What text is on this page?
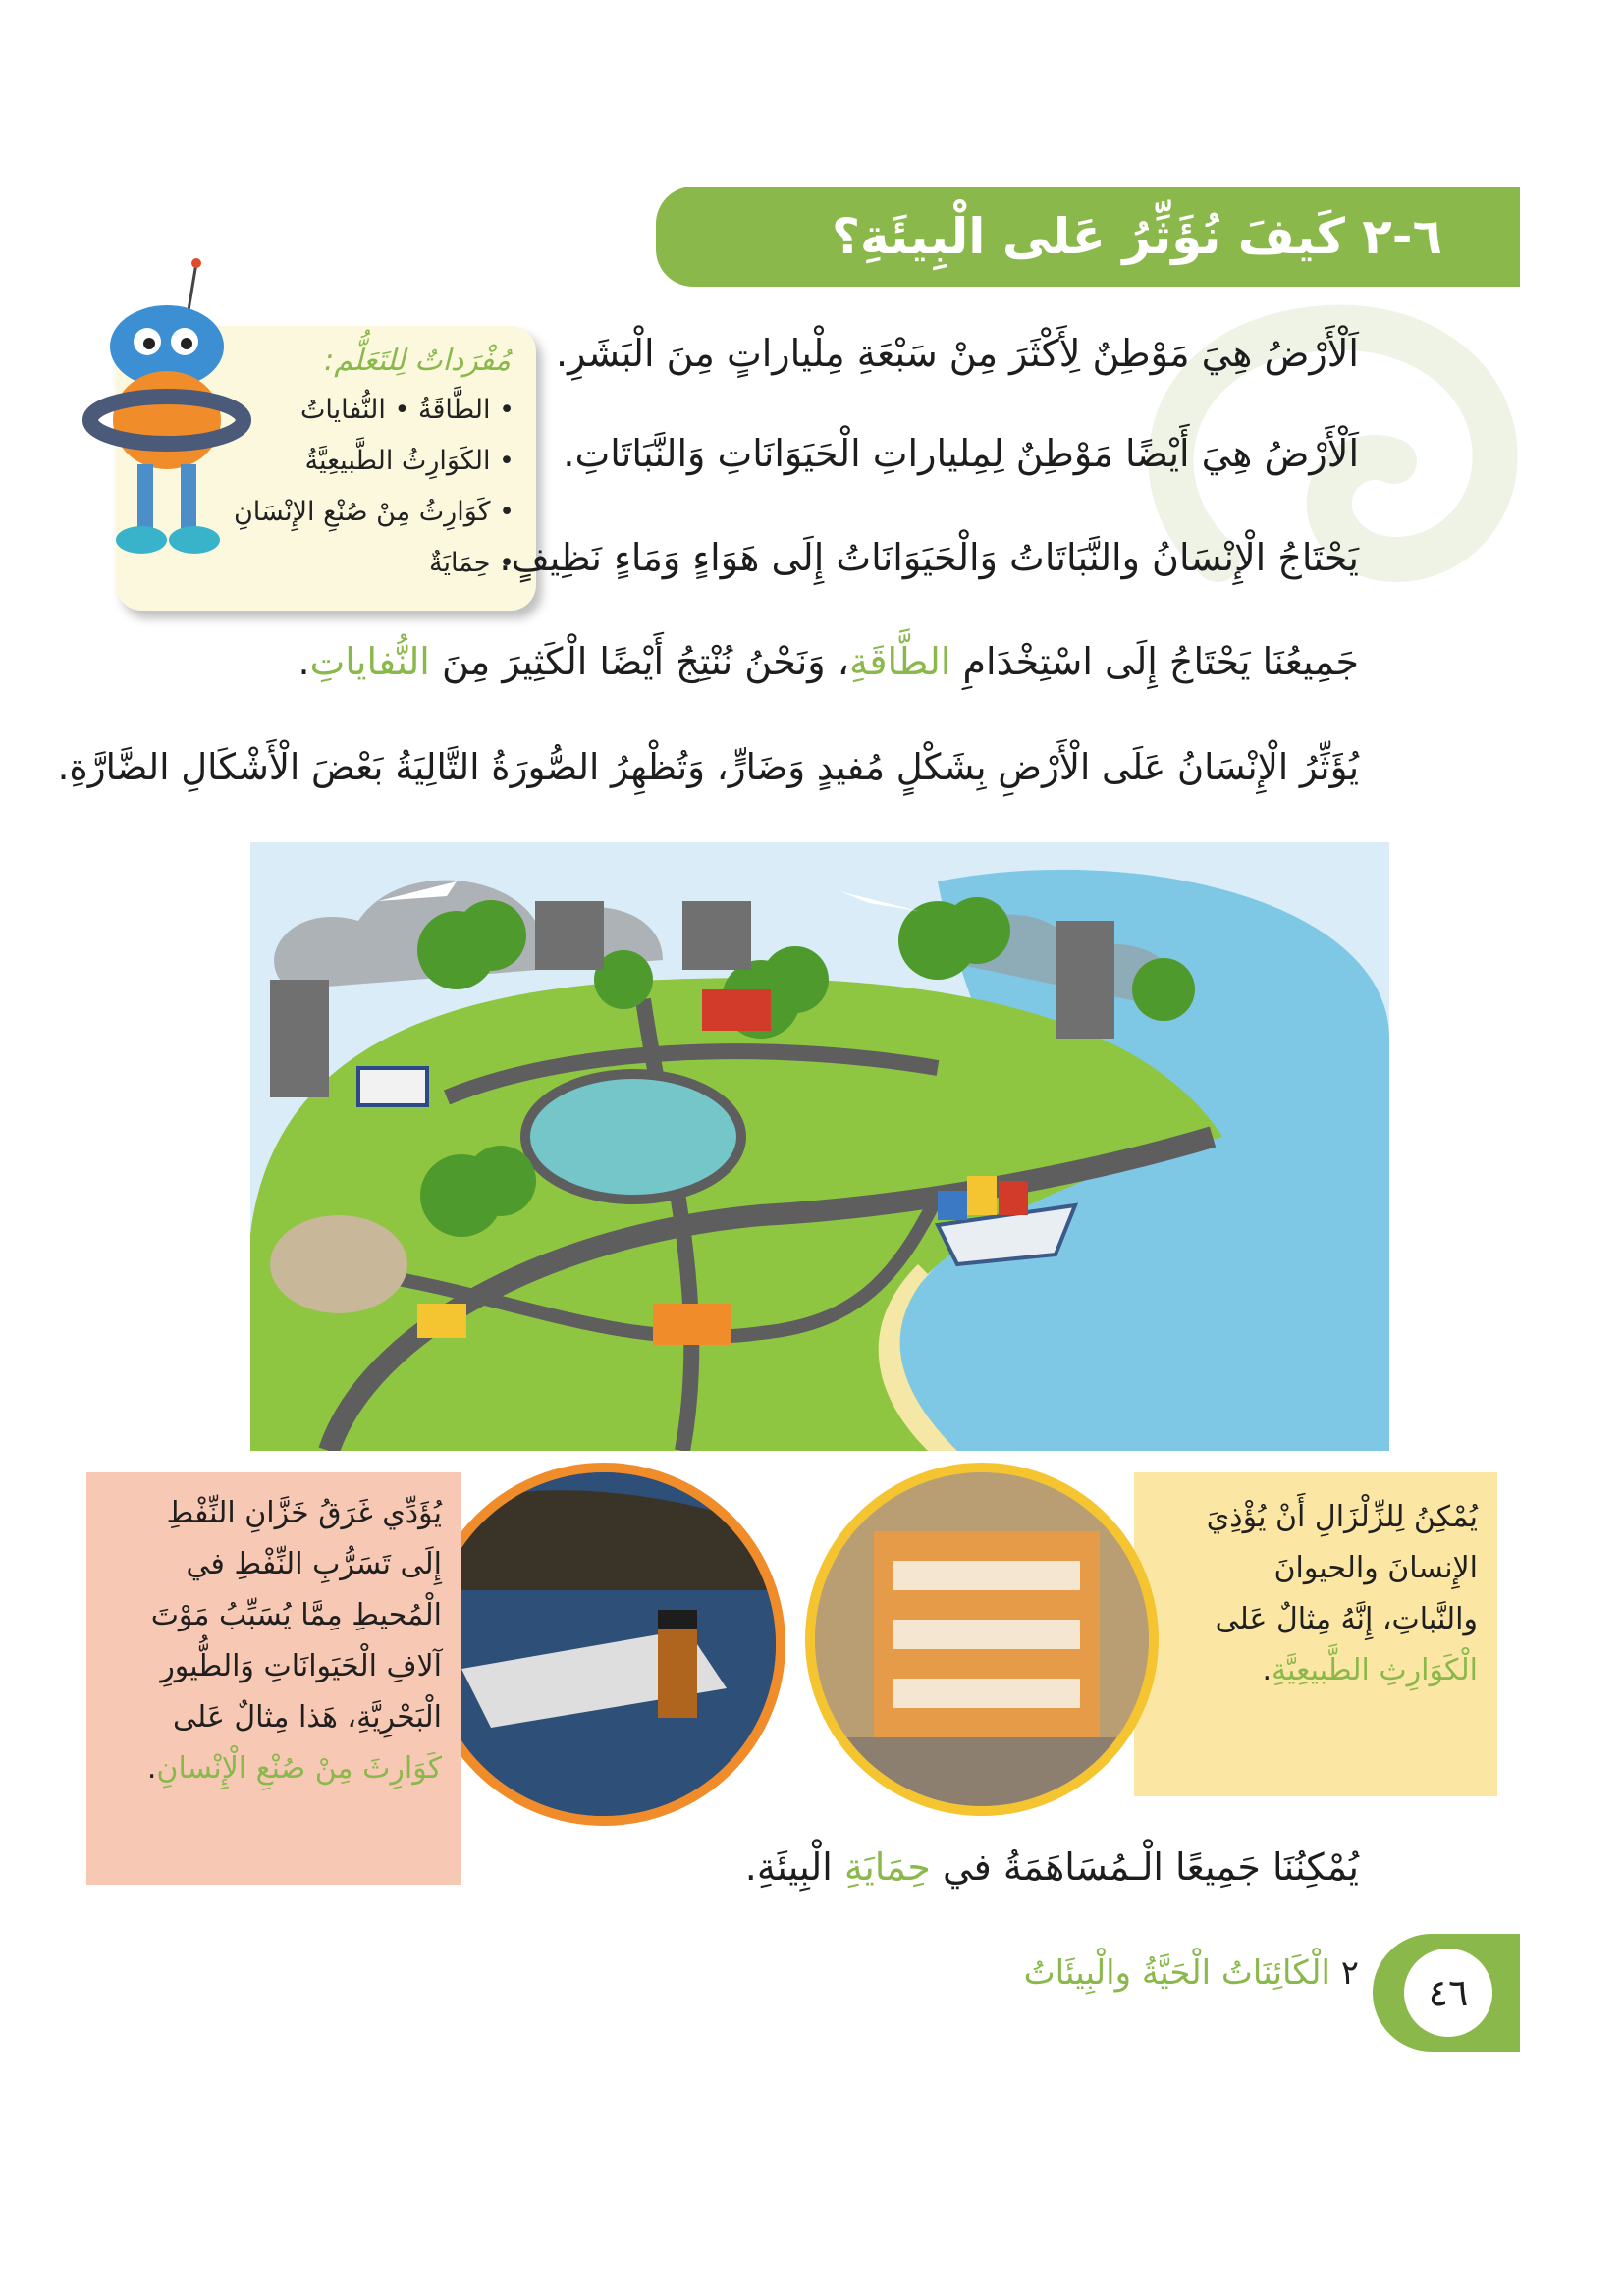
٦-٢ كَيفَ نُؤَثِّرُ عَلى الْبِيئَةِ؟
مُفْرَداتٌ لِلتَعَلُّم:
• الطَّاقَةُ • النُّفاياتُ
• الكَوَارِثُ الطَّبيعِيَّةُ
• كَوَارِثُ مِنْ صُنْعِ الإِنْسَانِ
• حِمَايَةٌ
اَلْأَرْضُ هِيَ مَوْطِنٌ لِأَكْثَرَ مِنْ سَبْعَةِ مِلْياراتٍ مِنَ الْبَشَرِ.
اَلْأَرْضُ هِيَ أَيْضًا مَوْطِنٌ لِمِلياراتِ الْحَيَوَانَاتِ وَالنَّبَاتَاتِ.
يَحْتَاجُ الْإِنْسَانُ والنَّبَاتَاتُ وَالْحَيَوَانَاتُ إِلَى هَوَاءٍ وَمَاءٍ نَظِيفٍ.
جَمِيعُنَا يَحْتَاجُ إِلَى اسْتِخْدَامِ الطَّاقَةِ، وَنَحْنُ نُنْتِجُ أَيْضًا الْكَثِيرَ مِنَ النُّفاياتِ.
يُؤَثِّرُ الْإِنْسَانُ عَلَى الْأَرْضِ بِشَكْلٍ مُفيدٍ وَضَارٍّ، وَتُظْهِرُ الصُّورَةُ التَّالِيَةُ بَعْضَ الْأَشْكَالِ الضَّارَّةِ.
يُمْكِنُ لِلزِّلْزَالِ أَنْ يُؤْذِيَ
الإِنسانَ والحيوانَ
والنَّباتِ، إِنَّهُ مِثالٌ عَلى
الْكَوَارِثِ الطَّبيعِيَّةِ.
يُؤَدِّي غَرَقُ خَزَّانِ النِّفْطِ
إِلَى تَسَرُّبِ النِّفْطِ في
الْمُحيطِ مِمَّا يُسَبِّبُ مَوْتَ
آلافِ الْحَيَوانَاتِ وَالطُّيورِ
الْبَحْرِيَّةِ، هَذا مِثالٌ عَلى
كَوَارِثَ مِنْ صُنْعِ الْإِنْسانِ.
يُمْكِنُنَا جَمِيعًا الْـمُسَاهَمَةُ في حِمَايَةِ الْبِيئَةِ.
٤٦
٢ الْكَائِنَاتُ الْحَيَّةُ والْبِيئَاتُ
